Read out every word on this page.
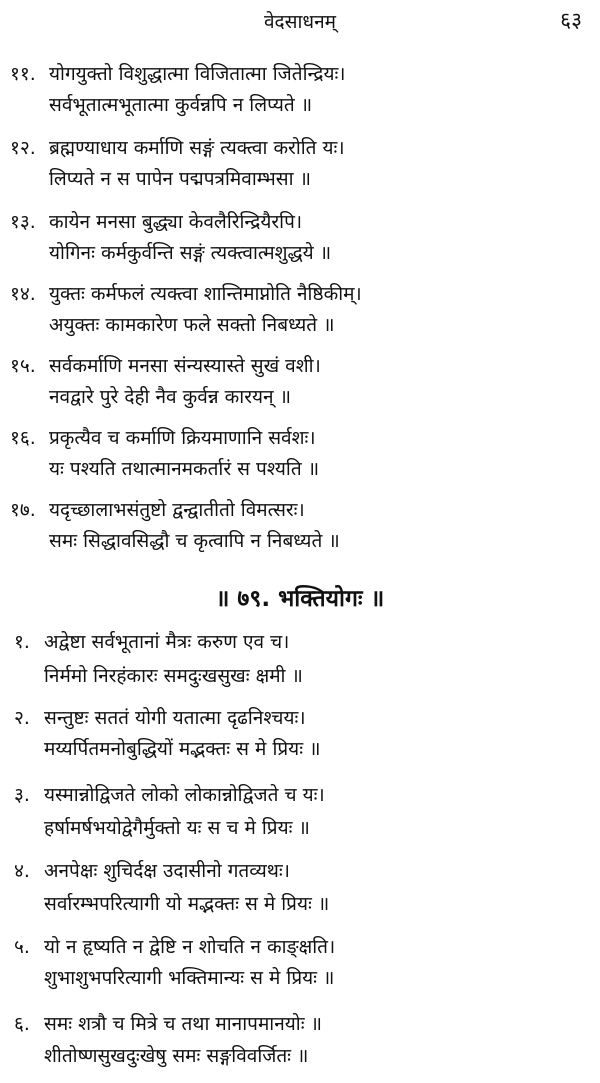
वेदसाधनम्	६३
११. योगयुक्तो विशुद्धात्मा विजितात्मा जितेन्द्रियः।
सर्वभूतात्मभूतात्मा कुर्वन्नपि न लिप्यते ॥
१२. ब्रह्मण्याधाय कर्माणि सङ्गं त्यक्त्वा करोति यः।
लिप्यते न स पापेन पद्मपत्रमिवाम्भसा ॥
१३. कायेन मनसा बुद्ध्या केवलैरिन्द्रियैरपि।
योगिनः कर्मकुर्वन्ति सङ्गं त्यक्त्वात्मशुद्धये ॥
१४. युक्तः कर्मफलं त्यक्त्वा शान्तिमाप्नोति नैष्ठिकीम्।
अयुक्तः कामकारेण फले सक्तो निबध्यते ॥
१५. सर्वकर्माणि मनसा संन्यस्यास्ते सुखं वशी।
नवद्वारे पुरे देही नैव कुर्वन्न कारयन् ॥
१६. प्रकृत्यैव च कर्माणि क्रियमाणानि सर्वशः।
यः पश्यति तथात्मानमकर्तारं स पश्यति ॥
१७. यदृच्छालाभसंतुष्टो द्वन्द्वातीतो विमत्सरः।
समः सिद्धावसिद्धौ च कृत्वापि न निबध्यते ॥
॥ ७९. भक्तियोगः ॥
१. अद्वेष्टा सर्वभूतानां मैत्रः करुण एव च।
निर्ममो निरहंकारः समदुःखसुखः क्षमी ॥
२. सन्तुष्टः सततं योगी यतात्मा दृढनिश्चयः।
मय्यर्पितमनोबुद्धियों मद्भक्तः स मे प्रियः ॥
३. यस्मान्नोद्विजते लोको लोकान्नोद्विजते च यः।
हर्षामर्षभयोद्वेगैर्मुक्तो यः स च मे प्रियः ॥
४. अनपेक्षः शुचिर्दक्ष उदासीनो गतव्यथः।
सर्वारम्भपरित्यागी यो मद्भक्तः स मे प्रियः ॥
५. यो न हृष्यति न द्वेष्टि न शोचति न काङ्क्षति।
शुभाशुभपरित्यागी भक्तिमान्यः स मे प्रियः ॥
६. समः शत्रौ च मित्रे च तथा मानापमानयोः ॥
शीतोष्णसुखदुःखेषु समः सङ्गविवर्जितः ॥
